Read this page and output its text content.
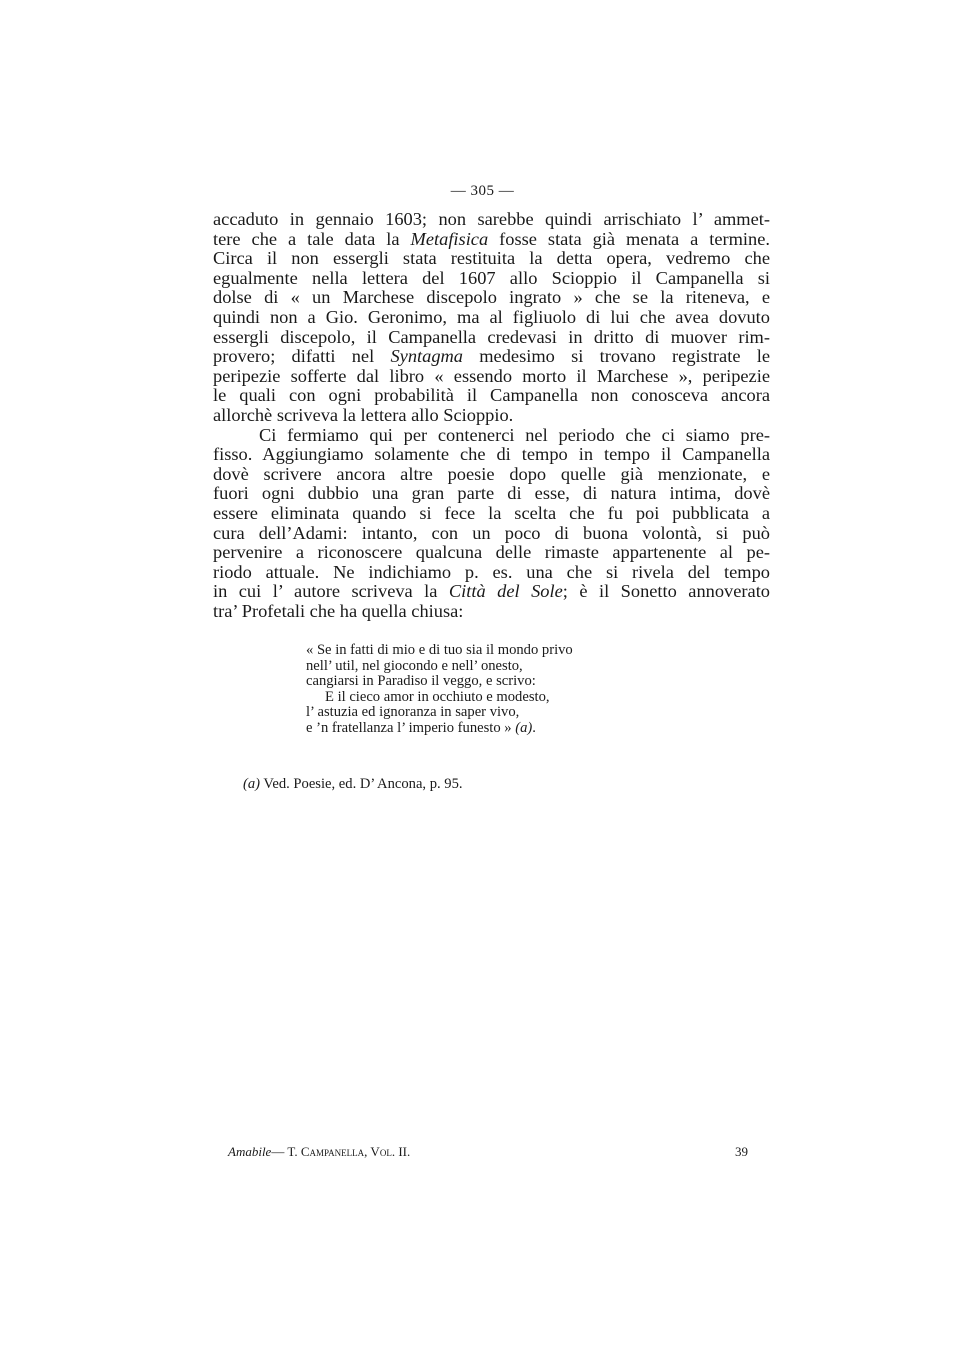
— 305 —

accaduto in gennaio 1603; non sarebbe quindi arrischiato l’ ammet-
tere che a tale data la Metafisica fosse stata già menata a termine.
Circa il non essergli stata restituita la detta opera, vedremo che
egualmente nella lettera del 1607 allo Scioppio il Campanella si
dolse di « un Marchese discepolo ingrato » che se la riteneva, e
quindi non a Gio. Geronimo, ma al figliuolo di lui che avea dovuto
essergli discepolo, il Campanella credevasi in dritto di muover rim-
provero; difatti nel Syntagma medesimo si trovano registrate le
peripezie sofferte dal libro « essendo morto il Marchese », peripezie
le quali con ogni probabilità il Campanella non conosceva ancora
allorchè scriveva la lettera allo Scioppio.

Ci fermiamo qui per contenerci nel periodo che ci siamo pre-
fisso. Aggiungiamo solamente che di tempo in tempo il Campanella
dovè scrivere ancora altre poesie dopo quelle già menzionate, e
fuori ogni dubbio una gran parte di esse, di natura intima, dovè
essere eliminata quando si fece la scelta che fu poi pubblicata a
cura dell’Adami: intanto, con un poco di buona volontà, si può
pervenire a riconoscere qualcuna delle rimaste appartenente al pe-
riodo attuale. Ne indichiamo p. es. una che si rivela del tempo
in cui l’ autore scriveva la Città del Sole; è il Sonetto annoverato
tra’ Profetali che ha quella chiusa:

« Se in fatti di mio e di tuo sia il mondo privo
nell’ util, nel giocondo e nell’ onesto,
cangiarsi in Paradiso il veggo, e scrivo:
E il cieco amor in occhiuto e modesto,
l’ astuzia ed ignoranza in saper vivo,
e ’n fratellanza l’ imperio funesto » (a).
(a) Ved. Poesie, ed. D’ Ancona, p. 95.
Amabile— T. Campanella, Vol. II.	39
